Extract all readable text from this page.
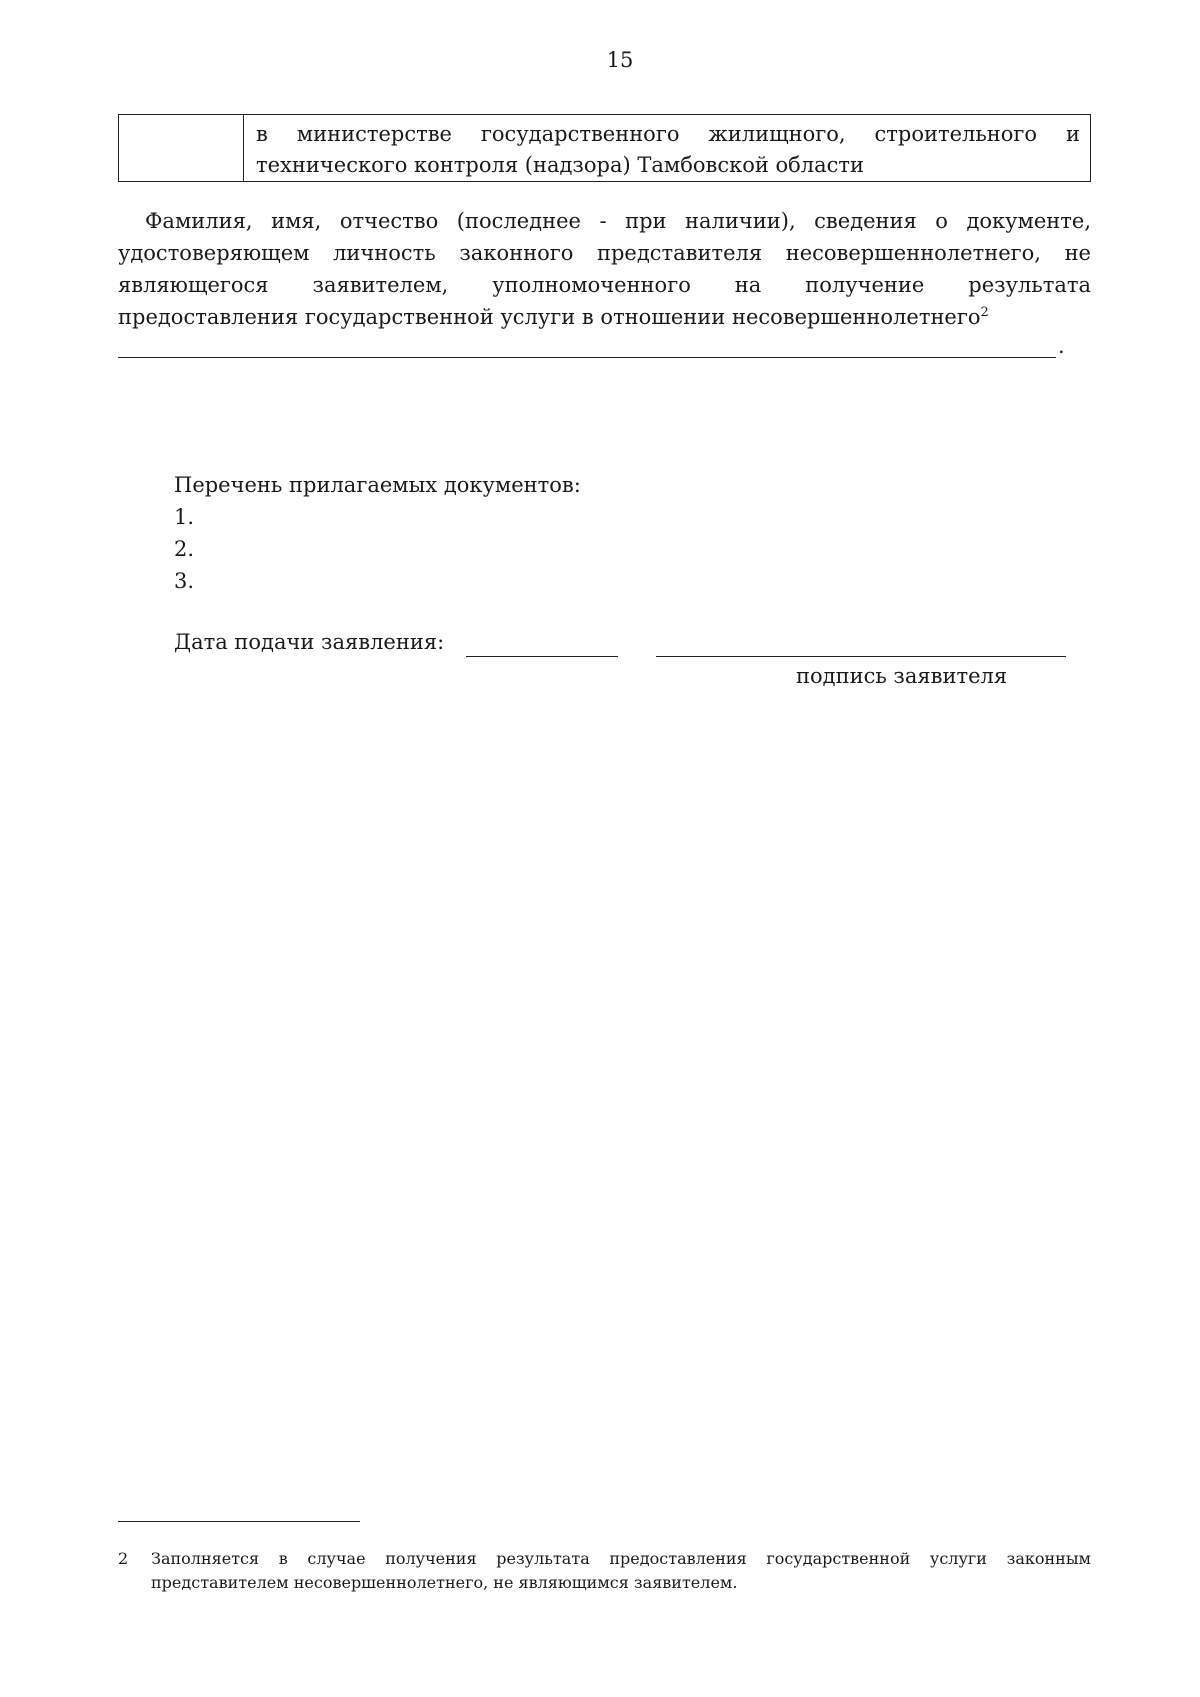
15
в министерстве государственного жилищного, строительного и технического контроля (надзора) Тамбовской области
Фамилия, имя, отчество (последнее - при наличии), сведения о документе, удостоверяющем личность законного представителя несовершеннолетнего, не являющегося заявителем, уполномоченного на получение результата предоставления государственной услуги в отношении несовершеннолетнего$^2$
.
Перечень прилагаемых документов:
1.
2.
3.
Дата подачи заявления:
подпись заявителя
2	Заполняется в случае получения результата предоставления государственной услуги законным представителем несовершеннолетнего, не являющимся заявителем.
